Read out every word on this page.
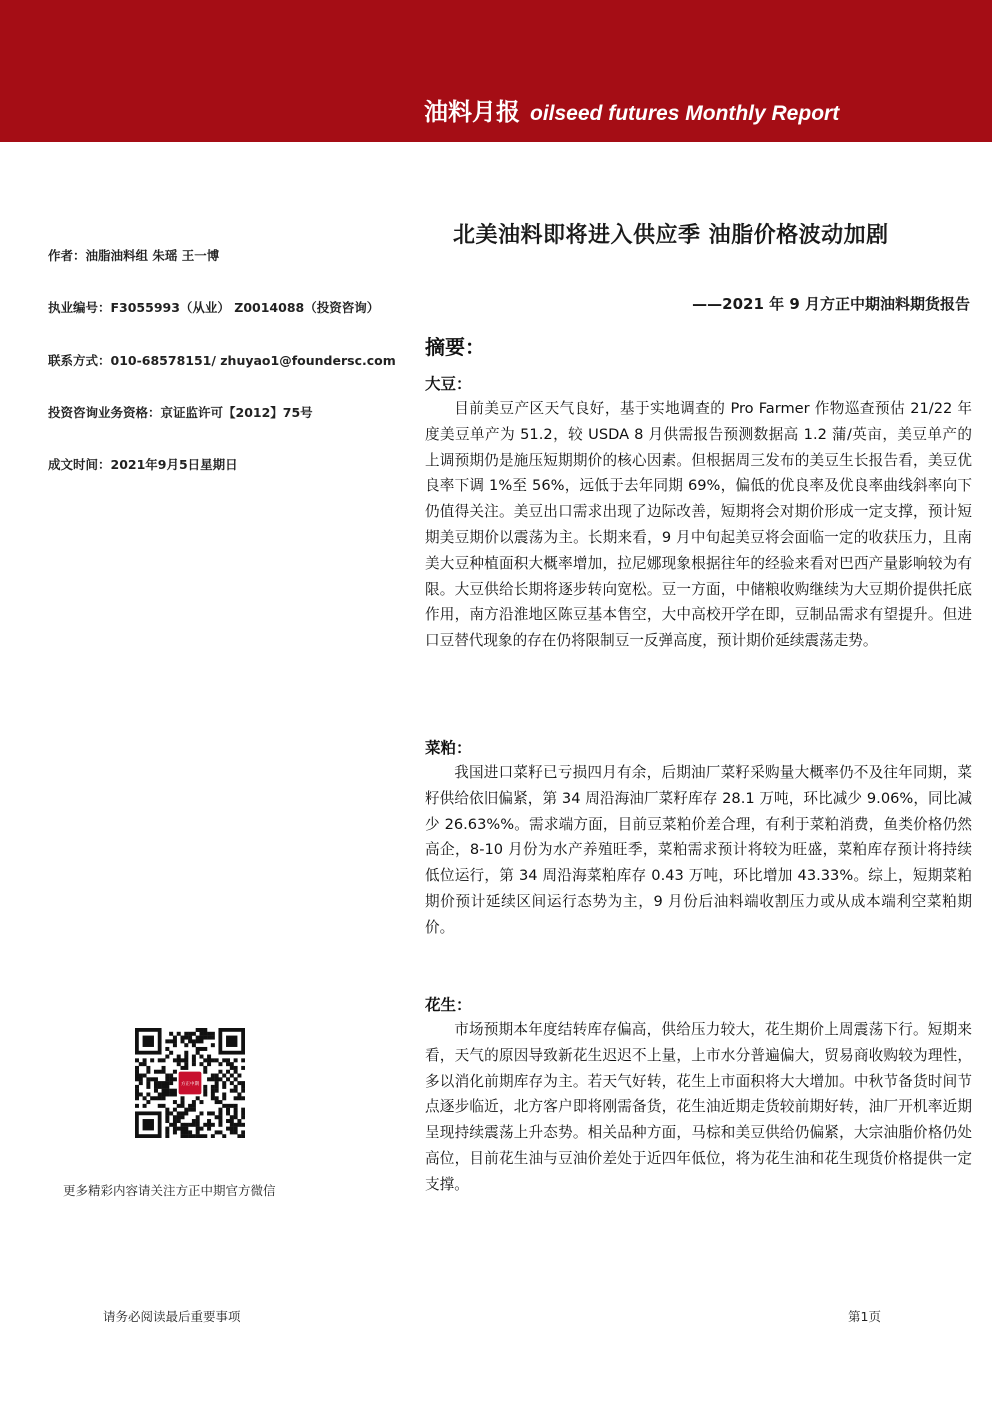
油料月报 oilseed futures Monthly Report
北美油料即将进入供应季 油脂价格波动加剧
——2021 年 9 月方正中期油料期货报告
作者：油脂油料组 朱瑶 王一博
执业编号：F3055993（从业） Z0014088（投资咨询）
联系方式：010-68578151/ zhuyao1@foundersc.com
投资咨询业务资格：京证监许可【2012】75号
成文时间：2021年9月5日星期日
摘要：
大豆：

目前美豆产区天气良好，基于实地调查的 Pro Farmer 作物巡查预估 21/22 年度美豆单产为 51.2，较 USDA 8 月供需报告预测数据高 1.2 蒲/英亩，美豆单产的上调预期仍是施压短期期价的核心因素。但根据周三发布的美豆生长报告看，美豆优良率下调 1%至 56%，远低于去年同期 69%，偏低的优良率及优良率曲线斜率向下仍值得关注。美豆出口需求出现了边际改善，短期将会对期价形成一定支撑，预计短期美豆期价以震荡为主。长期来看，9 月中旬起美豆将会面临一定的收获压力，且南美大豆种植面积大概率增加，拉尼娜现象根据往年的经验来看对巴西产量影响较为有限。大豆供给长期将逐步转向宽松。豆一方面，中储粮收购继续为大豆期价提供托底作用，南方沿淮地区陈豆基本售空，大中高校开学在即，豆制品需求有望提升。但进口豆替代现象的存在仍将限制豆一反弹高度，预计期价延续震荡走势。

菜粕：

我国进口菜籽已亏损四月有余，后期油厂菜籽采购量大概率仍不及往年同期，菜籽供给依旧偏紧，第 34 周沿海油厂菜籽库存 28.1 万吨，环比减少 9.06%，同比减少 26.63%%。需求端方面，目前豆菜粕价差合理，有利于菜粕消费，鱼类价格仍然高企，8-10 月份为水产养殖旺季，菜粕需求预计将较为旺盛，菜粕库存预计将持续低位运行，第 34 周沿海菜粕库存 0.43 万吨，环比增加 43.33%。综上，短期菜粕期价预计延续区间运行态势为主，9 月份后油料端收割压力或从成本端利空菜粕期价。

花生：

市场预期本年度结转库存偏高，供给压力较大，花生期价上周震荡下行。短期来看，天气的原因导致新花生迟迟不上量，上市水分普遍偏大，贸易商收购较为理性，多以消化前期库存为主。若天气好转，花生上市面积将大大增加。中秋节备货时间节点逐步临近，北方客户即将刚需备货，花生油近期走货较前期好转，油厂开机率近期呈现持续震荡上升态势。相关品种方面，马棕和美豆供给仍偏紧，大宗油脂价格仍处高位，目前花生油与豆油价差处于近四年低位，将为花生油和花生现货价格提供一定支撑。

方正中期
更多精彩内容请关注方正中期官方微信
请务必阅读最后重要事项	第1页
